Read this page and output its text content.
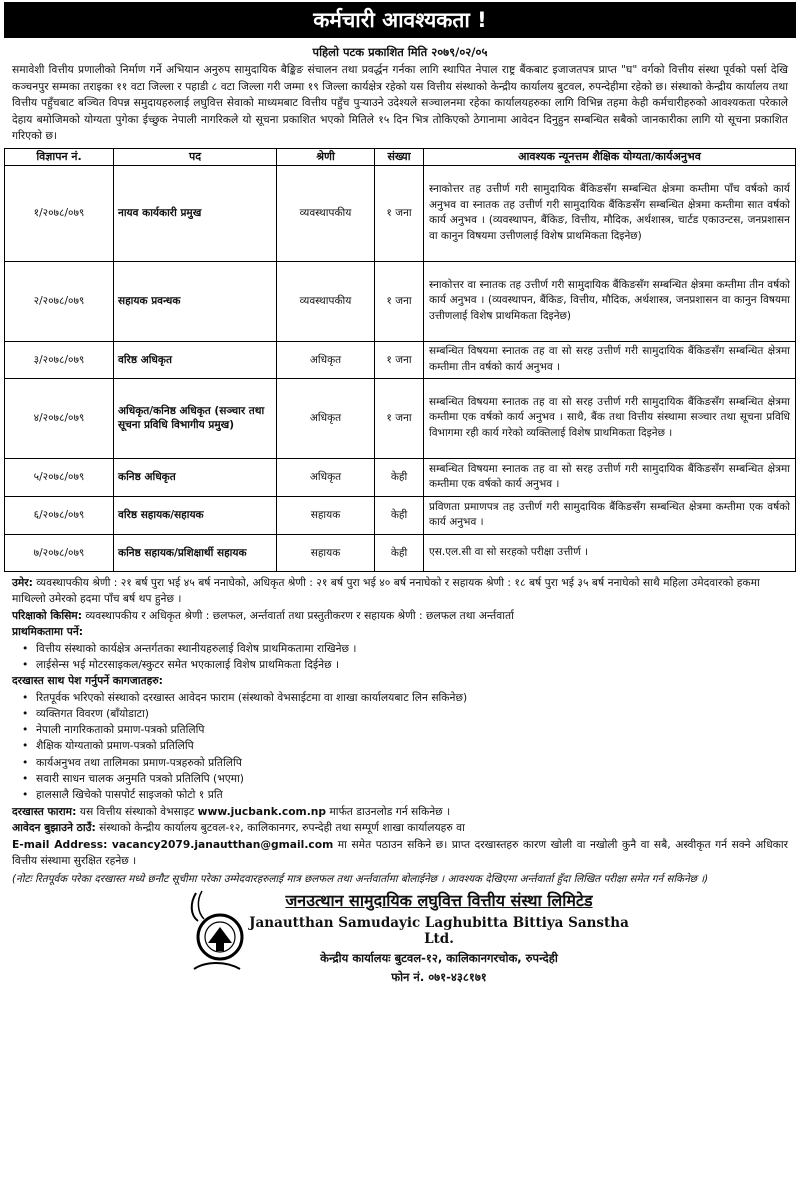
कर्मचारी आवश्यकता !
पहिलो पटक प्रकाशित मिति २०७९/०२/०५
समावेशी वित्तीय प्रणालीको निर्माण गर्ने अभियान अनुरुप सामुदायिक बैङ्किङ संचालन तथा प्रवर्द्धन गर्नका लागि स्थापित नेपाल राष्ट्र बैंकबाट इजाजतपत्र प्राप्त "घ" वर्गको वित्तीय संस्था पूर्वको पर्सा देखि कञ्चनपुर सम्मका तराइका ११ वटा जिल्ला र पहाडी ८ वटा जिल्ला गरी जम्मा १९ जिल्ला कार्यक्षेत्र रहेको यस वित्तीय संस्थाको केन्द्रीय कार्यालय बुटवल, रुपन्देहीमा रहेको छ। संस्थाको केन्द्रीय कार्यालय तथा वित्तीय पहुँचबाट बञ्चित विपन्न समुदायहरुलाई लघुवित्त सेवाको माध्यमबाट वित्तीय पहुँच पुर्‍याउने उदेश्यले सञ्चालनमा रहेका कार्यालयहरुका लागि विभिन्न तहमा केही कर्मचारीहरुको आवश्यकता परेकाले देहाय बमोजिमको योग्यता पुगेका ईच्छुक नेपाली नागरिकले यो सूचना प्रकाशित भएको मितिले १५ दिन भित्र तोकिएको ठेगानामा आवेदन दिनुहुन सम्बन्धित सबैको जानकारीका लागि यो सूचना प्रकाशित गरिएको छ।
विज्ञापन नं.	पद	श्रेणी	संख्या	आवश्यक न्यूनत्तम शैक्षिक योग्यता/कार्यअनुभव
१/२०७८/०७९	नायव कार्यकारी प्रमुख	व्यवस्थापकीय	१ जना	स्नाकोत्तर तह उत्तीर्ण गरी सामुदायिक बैंकिङसँग सम्बन्धित क्षेत्रमा कम्तीमा पाँच वर्षको कार्य अनुभव वा स्नातक तह उत्तीर्ण गरी सामुदायिक बैंकिङसँग सम्बन्धित क्षेत्रमा कम्तीमा सात वर्षको कार्य अनुभव । (व्यवस्थापन, बैंकिङ, वित्तीय, मौदिक, अर्थशास्त्र, चार्टड एकाउन्टस, जनप्रशासन वा कानुन विषयमा उत्तीणलाई विशेष प्राथमिकता दिइनेछ)
२/२०७८/०७९	सहायक प्रवन्धक	व्यवस्थापकीय	१ जना	स्नाकोत्तर वा स्नातक तह उत्तीर्ण गरी सामुदायिक बैंकिङसँग सम्बन्धित क्षेत्रमा कम्तीमा तीन वर्षको कार्य अनुभव । (व्यवस्थापन, बैंकिङ, वित्तीय, मौदिक, अर्थशास्त्र, जनप्रशासन वा कानुन विषयमा उत्तीणलाई विशेष प्राथमिकता दिइनेछ)
३/२०७८/०७९	वरिष्ठ अधिकृत	अधिकृत	१ जना	सम्बन्धित विषयमा स्नातक तह वा सो सरह उत्तीर्ण गरी सामुदायिक बैंकिङसँग सम्बन्धित क्षेत्रमा कम्तीमा तीन वर्षको कार्य अनुभव ।
४/२०७८/०७९	अधिकृत/कनिष्ठ अधिकृत (सञ्चार तथा सूचना प्रविधि विभागीय प्रमुख)	अधिकृत	१ जना	सम्बन्धित विषयमा स्नातक तह वा सो सरह उत्तीर्ण गरी सामुदायिक बैंकिङसँग सम्बन्धित क्षेत्रमा कम्तीमा एक वर्षको कार्य अनुभव । साथै, बैंक तथा वित्तीय संस्थामा सञ्चार तथा सूचना प्रविधि विभागमा रही कार्य गरेको व्यक्तिलाई विशेष प्राथमिकता दिइनेछ ।
५/२०७८/०७९	कनिष्ठ अधिकृत	अधिकृत	केही	सम्बन्धित विषयमा स्नातक तह वा सो सरह उत्तीर्ण गरी सामुदायिक बैंकिङसँग सम्बन्धित क्षेत्रमा कम्तीमा एक वर्षको कार्य अनुभव ।
६/२०७८/०७९	वरिष्ठ सहायक/सहायक	सहायक	केही	प्रविणता प्रमाणपत्र तह उत्तीर्ण गरी सामुदायिक बैंकिङसँग सम्बन्धित क्षेत्रमा कम्तीमा एक वर्षको कार्य अनुभव ।
७/२०७८/०७९	कनिष्ठ सहायक/प्रशिक्षार्थी सहायक	सहायक	केही	एस.एल.सी वा सो सरहको परीक्षा उत्तीर्ण ।
उमेर: व्यवस्थापकीय श्रेणी : २१ बर्ष पुरा भई ४५ बर्ष ननाघेको, अधिकृत श्रेणी : २१ बर्ष पुरा भई ४० बर्ष ननाघेको र सहायक श्रेणी : १८ बर्ष पुरा भई ३५ बर्ष ननाघेको साथै महिला उमेदवारको हकमा माथिल्लो उमेरको हदमा पाँच बर्ष थप हुनेछ ।
परिक्षाको किसिम: व्यवस्थापकीय र अधिकृत श्रेणी : छलफल, अर्न्तवार्ता तथा प्रस्तुतीकरण र सहायक श्रेणी : छलफल तथा अर्न्तवार्ता
प्राथमिकतामा पर्ने:
• वित्तीय संस्थाको कार्यक्षेत्र अन्तर्गतका स्थानीयहरुलाई विशेष प्राथमिकतामा राखिनेछ ।
• लाईसेन्स भई मोटरसाइकल/स्कुटर समेत भएकालाई विशेष प्राथमिकता दिईनेछ ।
दरखास्त साथ पेश गर्नुपर्ने कागजातहरु:
• रितपूर्वक भरिएको संस्थाको दरखास्त आवेदन फाराम (संस्थाको वेभसाईटमा वा शाखा कार्यालयबाट लिन सकिनेछ)
• व्यक्तिगत विवरण (बाँयोडाटा)
• नेपाली नागरिकताको प्रमाण-पत्रको प्रतिलिपि
• शैक्षिक योग्यताको प्रमाण-पत्रको प्रतिलिपि
• कार्यअनुभव तथा तालिमका प्रमाण-पत्रहरुको प्रतिलिपि
• सवारी साधन चालक अनुमति पत्रको प्रतिलिपि (भएमा)
• हालसालै खिचेको पासपोर्ट साइजको फोटो १ प्रति
दरखास्त फाराम: यस वित्तीय संस्थाको वेभसाइट www.jucbank.com.np मार्फत डाउनलोड गर्न सकिनेछ ।
आवेदन बुझाउने ठाउँ: संस्थाको केन्द्रीय कार्यालय बुटवल-१२, कालिकानगर, रुपन्देही तथा सम्पूर्ण शाखा कार्यालयहरु वा
E-mail Address: vacancy2079.janautthan@gmail.com मा समेत पठाउन सकिने छ। प्राप्त दरखास्तहरु कारण खोली वा नखोली कुनै वा सबै, अस्वीकृत गर्न सक्ने अधिकार वित्तीय संस्थामा सुरक्षित रहनेछ ।
(नोटः रितपूर्वक परेका दरखास्त मध्ये छनौट सूचीमा परेका उम्मेदवारहरुलाई मात्र छलफल तथा अर्न्तवार्तामा बोलाईनेछ । आवश्यक देखिएमा अर्न्तवार्ता हुँदा लिखित परीक्षा समेत गर्न सकिनेछ ।)
जनउत्थान सामुदायिक लघुवित्त वित्तीय संस्था लिमिटेड
Janautthan Samudayic Laghubitta Bittiya Sanstha Ltd.
केन्द्रीय कार्यालयः बुटवल-१२, कालिकानगरचोक, रुपन्देही
फोन नं. ०७१-४३८१७१
